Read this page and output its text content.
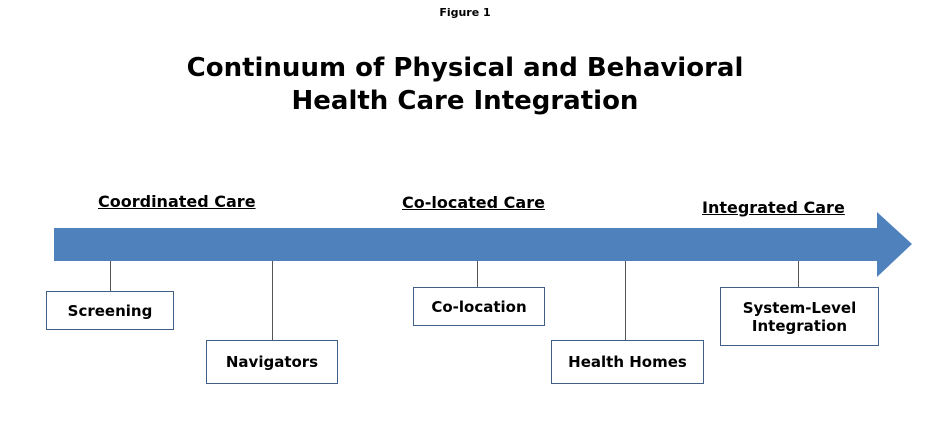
Figure 1
Continuum of Physical and Behavioral
Health Care Integration
Coordinated Care	Co-located Care	Integrated Care
Screening
Navigators
Co-location
Health Homes
System-Level Integration
